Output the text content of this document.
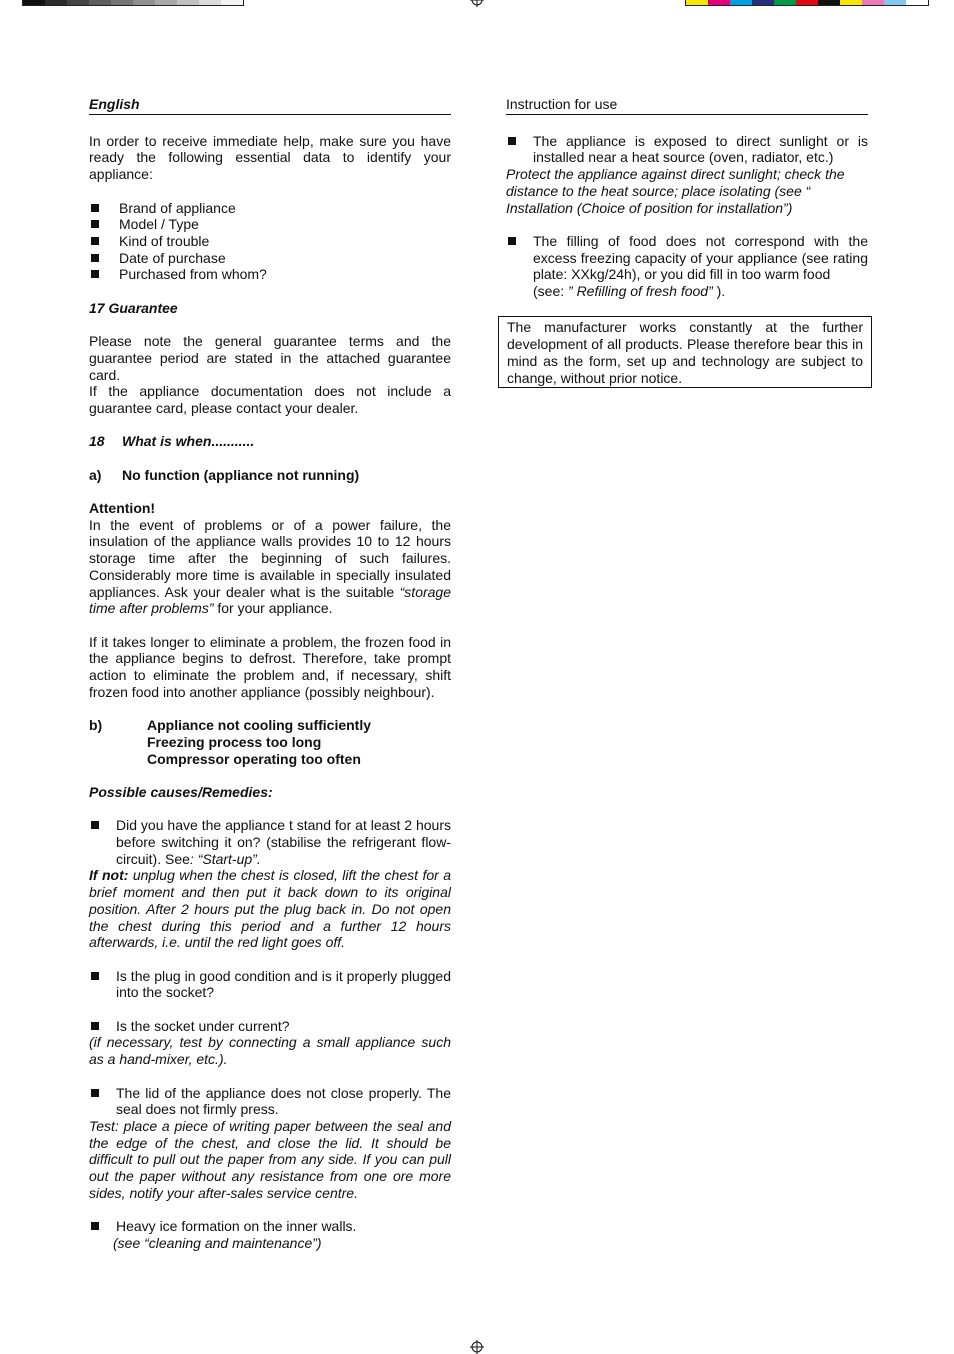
English

In order to receive immediate help, make sure you have ready the following essential data to identify your appliance:

Brand of appliance
Model / Type
Kind of trouble
Date of purchase
Purchased from whom?

17 Guarantee

Please note the general guarantee terms and the guarantee period are stated in the attached guarantee card.

If the appliance documentation does not include a guarantee card, please contact your dealer.

18	What is when...........
a)	No function (appliance not running)

Attention!

In the event of problems or of a power failure, the insulation of the appliance walls provides 10 to 12 hours storage time after the beginning of such failures. Considerably more time is available in specially insulated appliances. Ask your dealer what is the suitable “storage time after problems” for your appliance.

If it takes longer to eliminate a problem, the frozen food in the appliance begins to defrost. Therefore, take prompt action to eliminate the problem and, if necessary, shift frozen food into another appliance (possibly neighbour).

b)	Appliance not cooling sufficiently
Freezing process too long
Compressor operating too often

Possible causes/Remedies:

Did you have the appliance t stand for at least 2 hours before switching it on? (stabilise the refrigerant flow-circuit). See: “Start-up”.

If not: unplug when the chest is closed, lift the chest for a brief moment and then put it back down to its original position. After 2 hours put the plug back in. Do not open the chest during this period and a further 12 hours afterwards, i.e. until the red light goes off.

Is the plug in good condition and is it properly plugged into the socket?
Is the socket under current?

(if necessary, test by connecting a small appliance such as a hand-mixer, etc.).

The lid of the appliance does not close properly. The seal does not firmly press.

Test: place a piece of writing paper between the seal and the edge of the chest, and close the lid. It should be difficult to pull out the paper from any side. If you can pull out the paper without any resistance from one ore more sides, notify your after-sales service centre.

Heavy ice formation on the inner walls.

(see “cleaning and maintenance”)

Instruction for use
The appliance is exposed to direct sunlight or is installed near a heat source (oven, radiator, etc.)

Protect the appliance against direct sunlight; check the distance to the heat source; place isolating (see “ Installation (Choice of position for installation”)

The filling of food does not correspond with the excess freezing capacity of your appliance (see rating plate: XXkg/24h), or you did fill in too warm food

(see: ” Refilling of fresh food” ).

The manufacturer works constantly at the further development of all products. Please therefore bear this in mind as the form, set up and technology are subject to change, without prior notice.
